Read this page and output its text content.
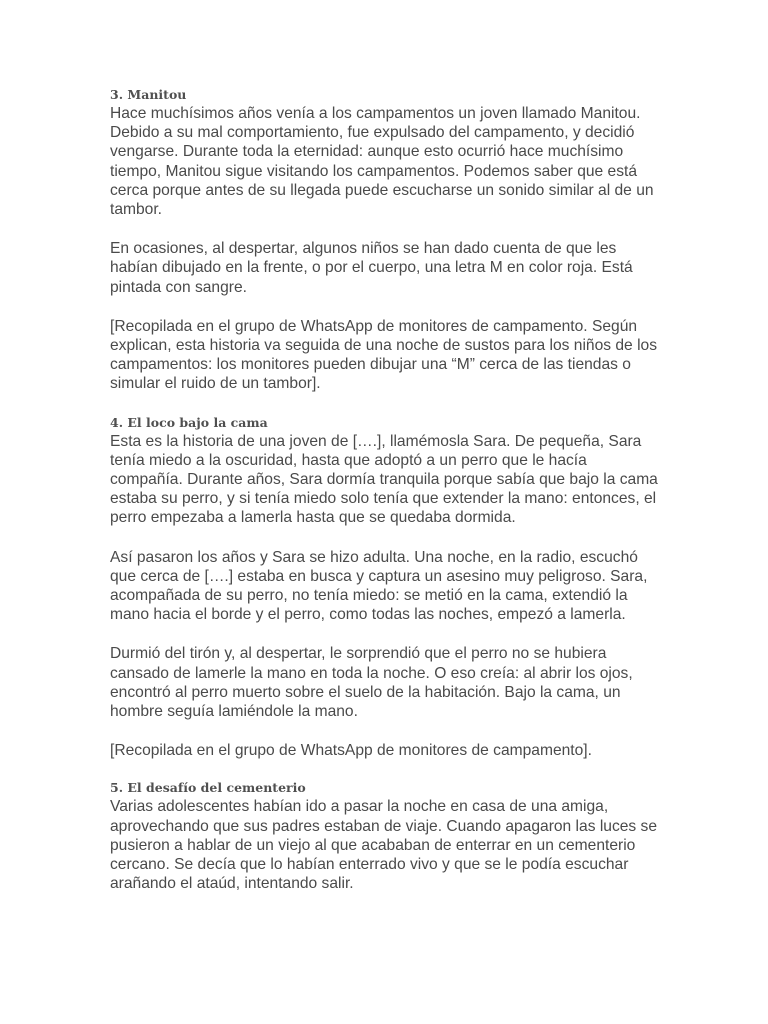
3. Manitou

Hace muchísimos años venía a los campamentos un joven llamado Manitou. Debido a su mal comportamiento, fue expulsado del campamento, y decidió vengarse. Durante toda la eternidad: aunque esto ocurrió hace muchísimo tiempo, Manitou sigue visitando los campamentos. Podemos saber que está cerca porque antes de su llegada puede escucharse un sonido similar al de un tambor.

En ocasiones, al despertar, algunos niños se han dado cuenta de que les habían dibujado en la frente, o por el cuerpo, una letra M en color roja. Está pintada con sangre.

[Recopilada en el grupo de WhatsApp de monitores de campamento. Según explican, esta historia va seguida de una noche de sustos para los niños de los campamentos: los monitores pueden dibujar una “M” cerca de las tiendas o simular el ruido de un tambor].

4. El loco bajo la cama

Esta es la historia de una joven de [….], llamémosla Sara. De pequeña, Sara tenía miedo a la oscuridad, hasta que adoptó a un perro que le hacía compañía. Durante años, Sara dormía tranquila porque sabía que bajo la cama estaba su perro, y si tenía miedo solo tenía que extender la mano: entonces, el perro empezaba a lamerla hasta que se quedaba dormida.

Así pasaron los años y Sara se hizo adulta. Una noche, en la radio, escuchó que cerca de [….] estaba en busca y captura un asesino muy peligroso. Sara, acompañada de su perro, no tenía miedo: se metió en la cama, extendió la mano hacia el borde y el perro, como todas las noches, empezó a lamerla.

Durmió del tirón y, al despertar, le sorprendió que el perro no se hubiera cansado de lamerle la mano en toda la noche. O eso creía: al abrir los ojos, encontró al perro muerto sobre el suelo de la habitación. Bajo la cama, un hombre seguía lamiéndole la mano.

[Recopilada en el grupo de WhatsApp de monitores de campamento].

5. El desafío del cementerio

Varias adolescentes habían ido a pasar la noche en casa de una amiga, aprovechando que sus padres estaban de viaje. Cuando apagaron las luces se pusieron a hablar de un viejo al que acababan de enterrar en un cementerio cercano. Se decía que lo habían enterrado vivo y que se le podía escuchar arañando el ataúd, intentando salir.
